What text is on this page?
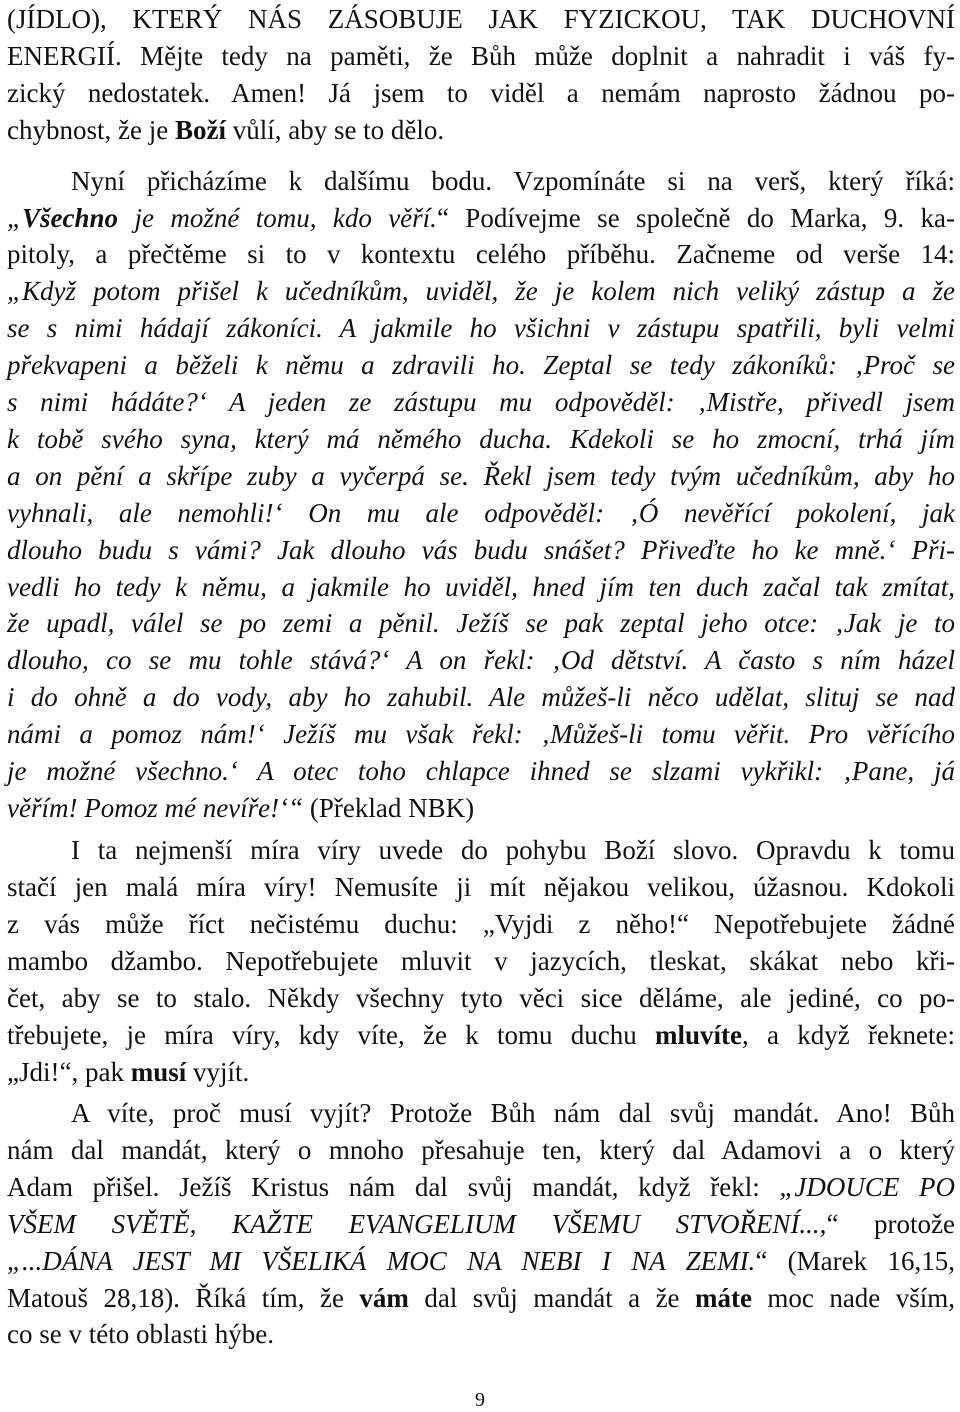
(JÍDLO), KTERÝ NÁS ZÁSOBUJE JAK FYZICKOU, TAK DUCHOVNÍ
ENERGIÍ. Mějte tedy na paměti, že Bůh může doplnit a nahradit i váš fy-
zický nedostatek. Amen! Já jsem to viděl a nemám naprosto žádnou po-
chybnost, že je Boží vůlí, aby se to dělo.
Nyní přicházíme k dalšímu bodu. Vzpomínáte si na verš, který říká:
„Všechno je možné tomu, kdo věří.“ Podívejme se společně do Marka, 9. ka-
pitoly, a přečtěme si to v kontextu celého příběhu. Začneme od verše 14:
„Když potom přišel k učedníkům, uviděl, že je kolem nich veliký zástup a že
se s nimi hádají zákoníci. A jakmile ho všichni v zástupu spatřili, byli velmi
překvapeni a běželi k němu a zdravili ho. Zeptal se tedy zákoníků: ‚Proč se
s nimi hádáte?‘ A jeden ze zástupu mu odpověděl: ‚Mistře, přivedl jsem
k tobě svého syna, který má němého ducha. Kdekoli se ho zmocní, trhá jím
a on pění a skřípe zuby a vyčerpá se. Řekl jsem tedy tvým učedníkům, aby ho
vyhnali, ale nemohli!‘ On mu ale odpověděl: ‚Ó nevěřící pokolení, jak
dlouho budu s vámi? Jak dlouho vás budu snášet? Přiveďte ho ke mně.‘ Při-
vedli ho tedy k němu, a jakmile ho uviděl, hned jím ten duch začal tak zmítat,
že upadl, válel se po zemi a pěnil. Ježíš se pak zeptal jeho otce: ‚Jak je to
dlouho, co se mu tohle stává?‘ A on řekl: ‚Od dětství. A často s ním házel
i do ohně a do vody, aby ho zahubil. Ale můžeš-li něco udělat, slituj se nad
námi a pomoz nám!‘ Ježíš mu však řekl: ‚Můžeš-li tomu věřit. Pro věřícího
je možné všechno.‘ A otec toho chlapce ihned se slzami vykřikl: ‚Pane, já
věřím! Pomoz mé nevíře!‘“ (Překlad NBK)
I ta nejmenší míra víry uvede do pohybu Boží slovo. Opravdu k tomu
stačí jen malá míra víry! Nemusíte ji mít nějakou velikou, úžasnou. Kdokoli
z vás může říct nečistému duchu: „Vyjdi z něho!“ Nepotřebujete žádné
mambo džambo. Nepotřebujete mluvit v jazycích, tleskat, skákat nebo kři-
čet, aby se to stalo. Někdy všechny tyto věci sice děláme, ale jediné, co po-
třebujete, je míra víry, kdy víte, že k tomu duchu mluvíte, a když řeknete:
„Jdi!“, pak musí vyjít.
A víte, proč musí vyjít? Protože Bůh nám dal svůj mandát. Ano! Bůh
nám dal mandát, který o mnoho přesahuje ten, který dal Adamovi a o který
Adam přišel. Ježíš Kristus nám dal svůj mandát, když řekl: „JDOUCE PO
VŠEM SVĚTĚ, KAŽTE EVANGELIUM VŠEMU STVOŘENÍ...,“ protože
„...DÁNA JEST MI VŠELIKÁ MOC NA NEBI I NA ZEMI.“ (Marek 16,15,
Matouš 28,18). Říká tím, že vám dal svůj mandát a že máte moc nade vším,
co se v této oblasti hýbe.
9
